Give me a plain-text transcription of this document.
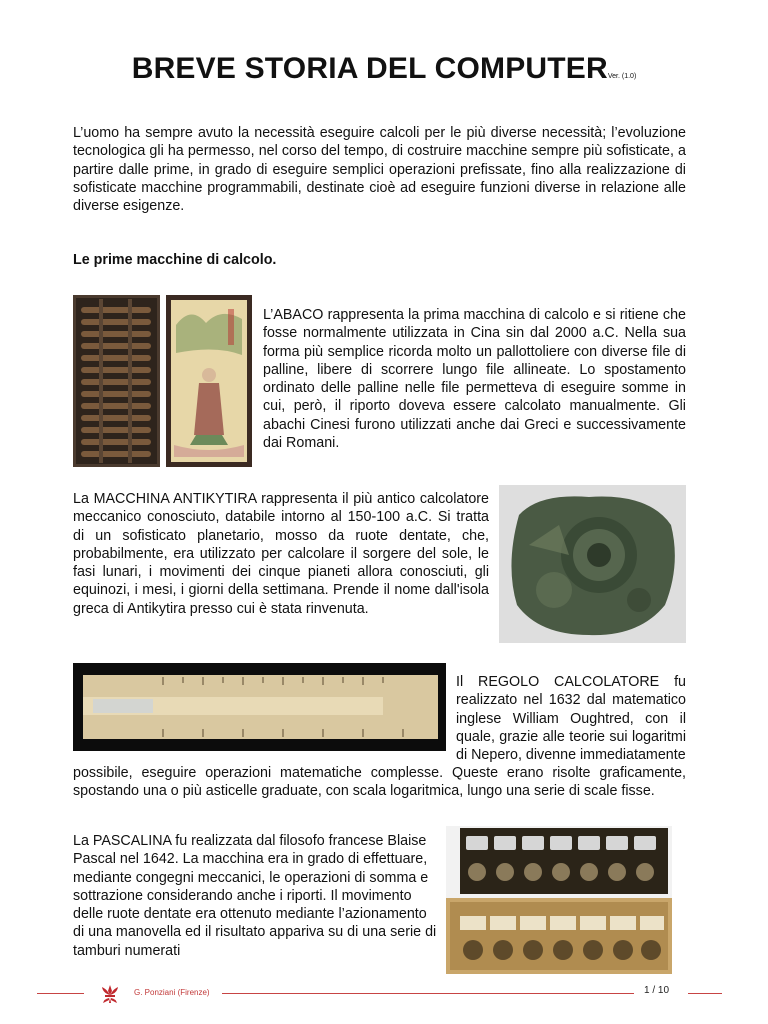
BREVE STORIA DEL COMPUTERVer. (1.0)

L’uomo ha sempre avuto la necessità eseguire calcoli per le più diverse necessità; l’evoluzione tecnologica gli ha permesso, nel corso del tempo, di costruire macchine sempre più sofisticate, a partire dalle prime, in grado di eseguire semplici operazioni prefissate, fino alla realizzazione di sofisticate macchine programmabili, destinate cioè ad eseguire funzioni diverse in relazione alle diverse esigenze.

Le prime macchine di calcolo.

L’ABACO rappresenta la prima macchina di calcolo e si ritiene che fosse normalmente utilizzata in Cina sin dal 2000 a.C. Nella sua forma più semplice ricorda molto un pallottoliere con diverse file di palline, libere di scorrere lungo file allineate. Lo spostamento ordinato delle palline nelle file permetteva di eseguire somme in cui, però, il riporto doveva essere calcolato manualmente. Gli abachi Cinesi furono utilizzati anche dai Greci e successivamente dai Romani.

La MACCHINA ANTIKYTIRA rappresenta il più antico calcolatore meccanico conosciuto, databile intorno al 150-100 a.C. Si tratta di un sofisticato planetario, mosso da ruote dentate, che, probabilmente, era utilizzato per calcolare il sorgere del sole, le fasi lunari, i movimenti dei cinque pianeti allora conosciuti, gli equinozi, i mesi, i giorni della settimana. Prende il nome dall'isola greca di Antikytira presso cui è stata rinvenuta.

Il REGOLO CALCOLATORE fu realizzato nel 1632 dal matematico inglese William Oughtred, con il quale, grazie alle teorie sui logaritmi di Nepero, divenne immediatamente

possibile, eseguire operazioni matematiche complesse. Queste erano risolte graficamente, spostando una o più asticelle graduate, con scala logaritmica, lungo una serie di scale fisse.

La PASCALINA fu realizzata dal filosofo francese Blaise Pascal nel 1642. La macchina era in grado di effettuare, mediante congegni meccanici, le operazioni di somma e sottrazione considerando anche i riporti. Il movimento delle ruote dentate era ottenuto mediante l’azionamento di una manovella ed il risultato appariva su di una serie di tamburi numerati

G. Ponziani (Firenze)	1 / 10
